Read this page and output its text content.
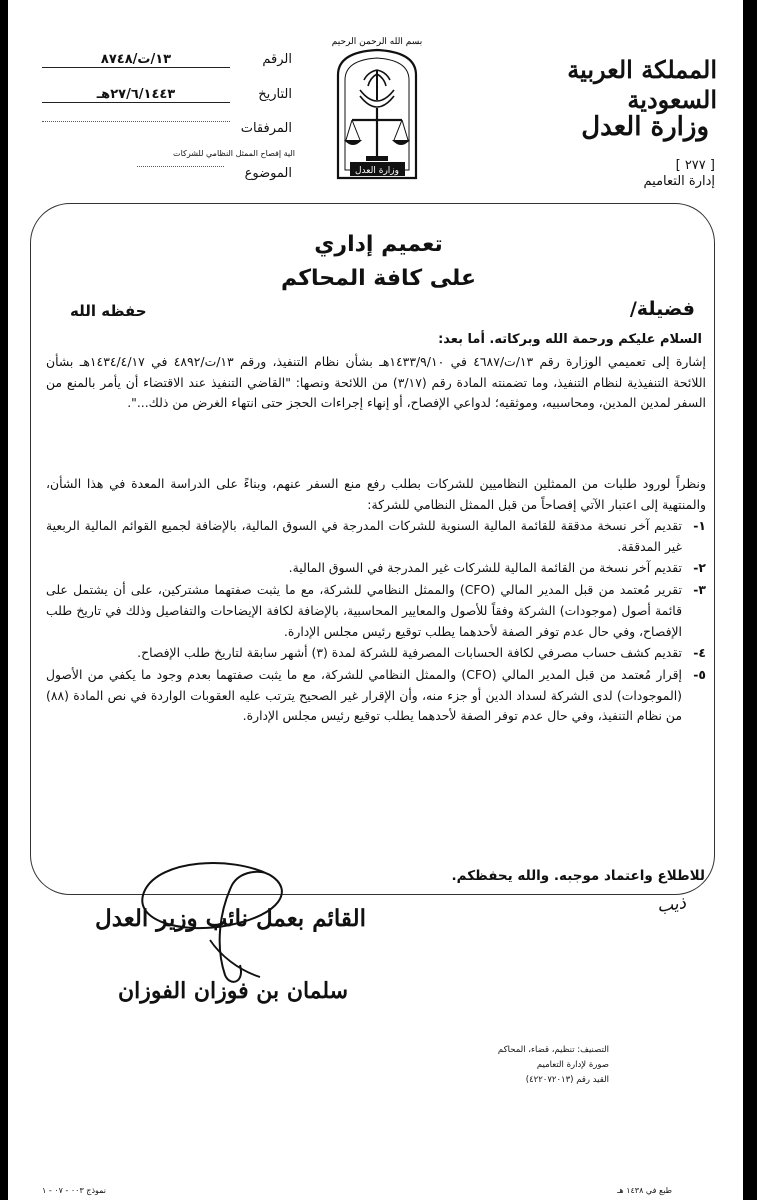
المملكة العربية السعودية
وزارة العدل
[ ٢٧٧ ]
إدارة التعاميم
بسم الله الرحمن الرحيم
وزارة العدل
الرقم
١٣/ت/٨٧٤٨
التاريخ
٢٧/٦/١٤٤٣هـ
المرفقات
الية إفصاح الممثل النظامي للشركات
الموضوع
تعميم إداري
على كافة المحاكم
فضيلة/
حفظه الله
السلام عليكم ورحمة الله وبركاته. أما بعد:
إشارة إلى تعميمي الوزارة رقم ١٣/ت/٤٦٨٧ في ١٤٣٣/٩/١٠هـ بشأن نظام التنفيذ، ورقم ١٣/ت/٤٨٩٢ في ١٤٣٤/٤/١٧هـ بشأن اللائحة التنفيذية لنظام التنفيذ، وما تضمنته المادة رقم (٣/١٧) من اللائحة ونصها: "القاضي التنفيذ عند الاقتضاء أن يأمر بالمنع من السفر لمدين المدين، ومحاسبيه، وموثقيه؛ لدواعي الإفصاح، أو إنهاء إجراءات الحجز حتى انتهاء الغرض من ذلك...".
ونظراً لورود طلبات من الممثلين النظاميين للشركات بطلب رفع منع السفر عنهم، وبناءً على الدراسة المعدة في هذا الشأن، والمنتهية إلى اعتبار الآتي إفصاحاً من قبل الممثل النظامي للشركة:
١-
تقديم آخر نسخة مدققة للقائمة المالية السنوية للشركات المدرجة في السوق المالية، بالإضافة لجميع القوائم المالية الربعية غير المدققة.
٢-
تقديم آخر نسخة من القائمة المالية للشركات غير المدرجة في السوق المالية.
٣-
تقرير مُعتمد من قبل المدير المالي (CFO) والممثل النظامي للشركة، مع ما يثبت صفتهما مشتركين، على أن يشتمل على قائمة أصول (موجودات) الشركة وفقاً للأصول والمعايير المحاسبية، بالإضافة لكافة الإيضاحات والتفاصيل وذلك في تاريخ طلب الإفصاح، وفي حال عدم توفر الصفة لأحدهما يطلب توقيع رئيس مجلس الإدارة.
٤-
تقديم كشف حساب مصرفي لكافة الحسابات المصرفية للشركة لمدة (٣) أشهر سابقة لتاريخ طلب الإفصاح.
٥-
إقرار مُعتمد من قبل المدير المالي (CFO) والممثل النظامي للشركة، مع ما يثبت صفتهما بعدم وجود ما يكفي من الأصول (الموجودات) لدى الشركة لسداد الدين أو جزء منه، وأن الإقرار غير الصحيح يترتب عليه العقوبات الواردة في نص المادة (٨٨) من نظام التنفيذ، وفي حال عدم توفر الصفة لأحدهما يطلب توقيع رئيس مجلس الإدارة.
للاطلاع واعتماد موجبه. والله يحفظكم.
ذيب
القائم بعمل نائب وزير العدل
سلمان بن فوزان الفوزان
التصنيف: تنظيم، قضاء، المحاكم
صورة لإدارة التعاميم
القيد رقم (٤٢٢٠٧٢٠١٣)
طبع في ١٤٣٨ هـ
نموذج ٠٠٣ - ٠٧ - ١
